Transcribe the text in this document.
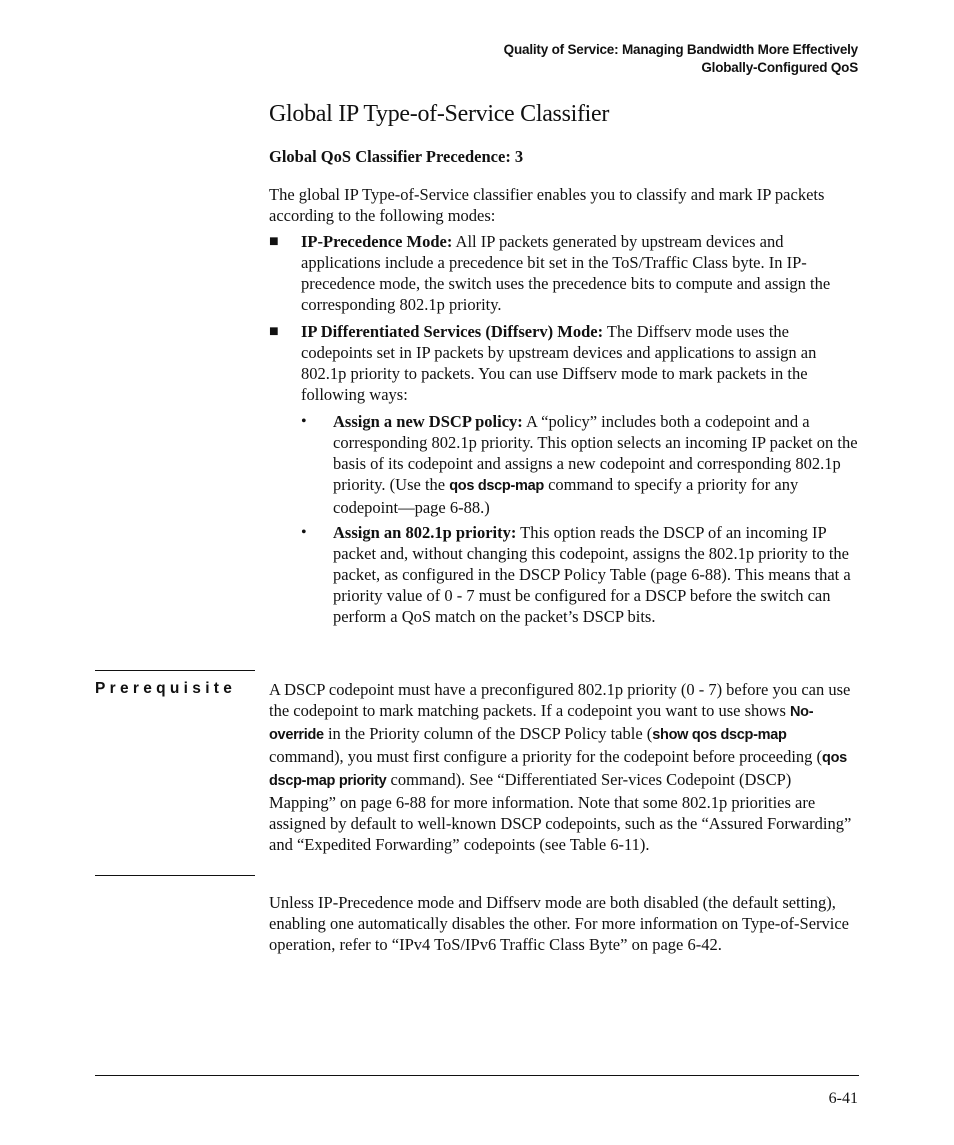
Quality of Service: Managing Bandwidth More Effectively
Globally-Configured QoS
Global IP Type-of-Service Classifier
Global QoS Classifier Precedence: 3

The global IP Type-of-Service classifier enables you to classify and mark IP packets according to the following modes:

■ IP-Precedence Mode: All IP packets generated by upstream devices and applications include a precedence bit set in the ToS/Traffic Class byte. In IP-precedence mode, the switch uses the precedence bits to compute and assign the corresponding 802.1p priority.
■ IP Differentiated Services (Diffserv) Mode: The Diffserv mode uses the codepoints set in IP packets by upstream devices and applications to assign an 802.1p priority to packets. You can use Diffserv mode to mark packets in the following ways:
• Assign a new DSCP policy: A “policy” includes both a codepoint and a corresponding 802.1p priority. This option selects an incoming IP packet on the basis of its codepoint and assigns a new codepoint and corresponding 802.1p priority. (Use the qos dscp-map command to specify a priority for any codepoint—page 6-88.)
• Assign an 802.1p priority: This option reads the DSCP of an incoming IP packet and, without changing this codepoint, assigns the 802.1p priority to the packet, as configured in the DSCP Policy Table (page 6-88). This means that a priority value of 0 - 7 must be configured for a DSCP before the switch can perform a QoS match on the packet’s DSCP bits.
Prerequisite A DSCP codepoint must have a preconfigured 802.1p priority (0 - 7) before you can use the codepoint to mark matching packets. If a codepoint you want to use shows No-override in the Priority column of the DSCP Policy table (show qos dscp-map command), you must first configure a priority for the codepoint before proceeding (qos dscp-map priority command). See “Differentiated Ser-vices Codepoint (DSCP) Mapping” on page 6-88 for more information. Note that some 802.1p priorities are assigned by default to well-known DSCP codepoints, such as the “Assured Forwarding” and “Expedited Forwarding” codepoints (see Table 6-11).

Unless IP-Precedence mode and Diffserv mode are both disabled (the default setting), enabling one automatically disables the other. For more information on Type-of-Service operation, refer to “IPv4 ToS/IPv6 Traffic Class Byte” on page 6-42.

6-41
